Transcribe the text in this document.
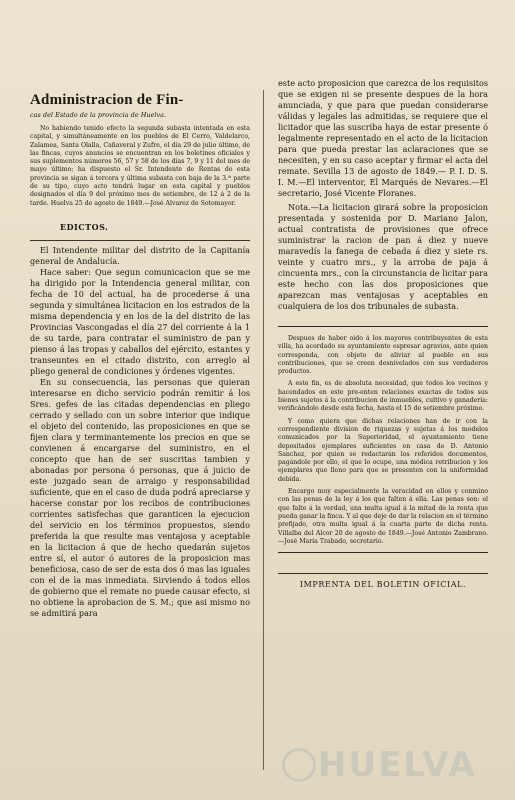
Administracion de Fin-
cas del Estado de la provincia de Huelva.

No habiendo tenido efecto la segunda subasta intentada en esta capital, y simultáneamente en los pueblos de El Cerro, Valdelarco, Zalamea, Santa Olalla, Cañaveral y Zufre, el día 29 de julio último, de las fincas, cuyos anuncios se encuentran en los boletines oficiales y sus suplementos números 56, 57 y 58 de los días 7, 9 y 11 del mes de mayo último; ha dispuesto el Sr. Intendente de Rentas de esta provincia se sigan á tercera y última subasta con baja de la 3.ª parte de su tipo, cuyo acto tendrá lugar en esta capital y pueblos designados el día 9 del próximo mes de setiembre, de 12 á 2 de la tarde. Huelva 25 de agosto de 1849.—José Alvarez de Sotomayor.

EDICTOS.

El Intendente militar del distrito de la Capitanía general de Andalucía.

Hace saber: Que segun comunicacion que se me ha dirigido por la Intendencia general militar, con fecha de 10 del actual, ha de procederse á una segunda y simultánea licitacion en los estrados de la misma dependencia y en los de la del distrito de las Provincias Vascongadas el día 27 del corriente á la 1 de su tarde, para contratar el suministro de pan y pienso á las tropas y caballos del ejército, estantes y transeuntes en el citado distrito, con arreglo al pliego general de condiciones y órdenes vigentes.

En su consecuencia, las personas que quieran interesarse en dicho servicio podrán remitir á los Sres. gefes de las citadas dependencias en pliego cerrado y sellado con un sobre interior que indique el objeto del contenido, las proposiciones en que se fijen clara y terminantemente los precios en que se convienen á encargarse del suministro, en el concepto que han de ser suscritas tambien y abonadas por persona ó personas, que á juicio de este juzgado sean de arraigo y responsabilidad suficiente, que en el caso de duda podrá apreciarse y hacerse constar por los recibos de contribuciones corrientes satisfechas que garanticen la ejecucion del servicio en los términos propuestos, siendo preferida la que resulte mas ventajosa y aceptable en la licitacion á que de hecho quedarán sujetos entre sí, el autor ó autores de la proposicion mas beneficiosa, caso de ser de esta dos ó mas las iguales con el de la mas inmediata. Sirviendo á todos ellos de gobierno que el remate no puede causar efecto, si no obtiene la aprobacion de S. M.; que asi mismo no se admitirá para

este acto proposicion que carezca de los requisitos que se exigen ni se presente despues de la hora anunciada, y que para que puedan considerarse válidas y legales las admitidas, se requiere que el licitador que las suscriba haya de estar presente ó legalmente representado en el acto de la licitacion para que pueda prestar las aclaraciones que se necesiten, y en su caso aceptar y firmar el acta del remate. Sevilla 13 de agosto de 1849.— P. I. D. S. I. M.—El interventor, El Marqués de Nevares.—El secretario, José Vicente Floranes.

Nota.—La licitacion girará sobre la proposicion presentada y sostenida por D. Mariano Jalon, actual contratista de provisiones que ofrece suministrar la racion de pan á diez y nueve maravedís la fanega de cebada á diez y siete rs. veinte y cuatro mrs., y la arroba de paja á cincuenta mrs., con la circunstancia de licitar para este hecho con las dos proposiciones que aparezcan mas ventajosas y aceptables en cualquiera de los dos tribunales de subasta.

Despues de haber oido á los mayores contribuyentes de esta villa, ha acordado su ayuntamiento espresar agravios, ante quien corresponda, con objeto de aliviar al pueblo en sus contribuciones, que se creen desnivelados con sus verdaderos productos.

A este fin, es de absoluta necesidad, que todos los vecinos y hacendados en este pre-enten relaciones exactas de todos sus bienes sujetos á la contribucion de inmuebles, cultivo y ganadería: verificándolo desde esta fecha, hasta el 15 de setiembre próximo.

Y como quiera que dichas relaciones han de ir con la correspondiente division de riquezas y sujetas á los modelos comunicados por la Superioridad, el ayuntamiento tiene depositados ejemplares suficientes en casa de D. Antonio Sanchez, por quien se redactarán los referidos documentos, pagándole por ello, el que lo ocupe, una módica retribucion y los ejemplares que lleno para que se presenten con la uniformidad debida.

Encargo muy especialmente la veracidad en ellos y conmino con las penas de la ley á los que falten á ella. Las penas son: el que falte á la verdad, una multa igual á la mitad de la renta que pueda ganar la finca. Y al que deje de dar la relacion en el término prefijado, otra multa igual á la cuarta parte de dicha renta. Villalba del Alcor 20 de agosto de 1849.—José Antonio Zambrano.—José María Trabado, secretario.

IMPRENTA DEL BOLETIN OFICIAL.
HUELVA
